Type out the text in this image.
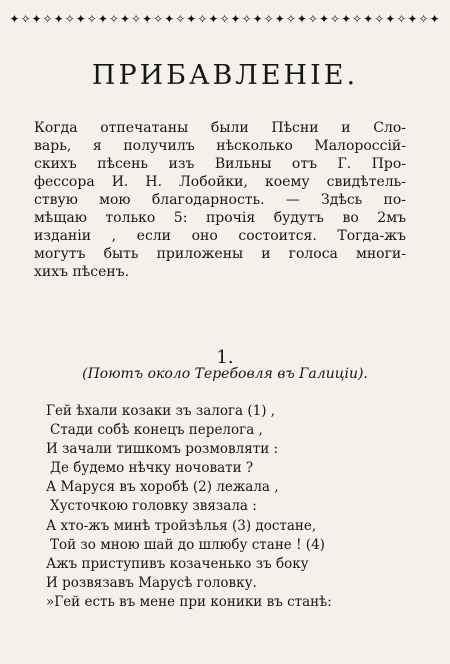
✦✧✦✧✦✧✦✧✦✧✦✧✦✧✦✧✦✧✦✧✦✧✦✧✦✧✦✧✦✧✦✧✦✧✦✧✦✧✦
ПРИБАВЛЕНІЕ.

Когда отпечатаны были Пѣсни и Сло-
варь, я получилъ нѣсколько Малороссій-
скихъ пѣсень изъ Вильны отъ Г. Про-
фессора И. Н. Лобойки, коему свидѣтель-
ствую мою благодарность. — Здѣсь по-
мѣщаю только 5: прочія будутъ во 2мъ
изданіи , если оно состоится. Тогда-жъ
могутъ быть приложены и голоса многи-
хихъ пѣсенъ.

1.
(Поютъ около Теребовля въ Галиціи).
Гей ѣхали козаки зъ залога (1) ,
Стади собѣ конецъ перелога ,
И зачали тишкомъ розмовляти :
Де будемо нѣчку ночовати ?
А Маруся въ хоробѣ (2) лежала ,
Хусточкою головку звязала :
А хто-жъ минѣ тройзѣлья (3) достане,
Той зо мною шай до шлюбу стане ! (4)
Ажъ приступивъ козаченько зъ боку
И розвязавъ Марусѣ головку.
»Гей есть въ мене при коники въ станѣ:
